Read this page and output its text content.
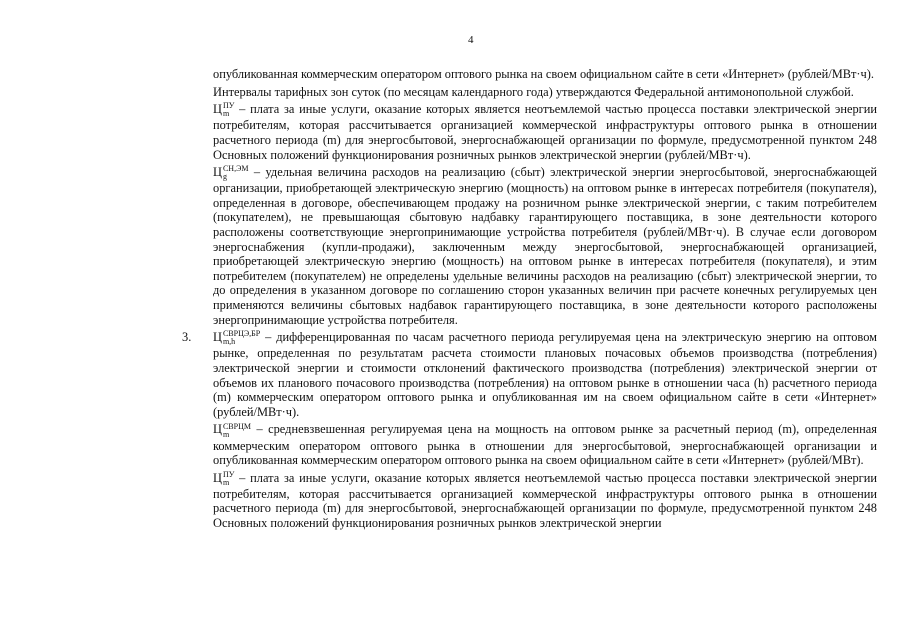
4

опубликованная коммерческим оператором оптового рынка на своем официальном сайте в сети «Интернет» (рублей/МВт·ч).

Интервалы тарифных зон суток (по месяцам календарного года) утверждаются Федеральной антимонопольной службой.

Ц ПУ
m – плата за иные услуги, оказание которых является неотъемлемой частью процесса поставки электрической энергии потребителям, которая рассчитывается организацией коммерческой инфраструктуры оптового рынка в отношении расчетного периода (m) для энергосбытовой, энергоснабжающей организации по формуле, предусмотренной пунктом 248 Основных положений функционирования розничных рынков электрической энергии (рублей/МВт·ч).

Ц СН,ЭМ
g	– удельная величина расходов на реализацию (сбыт) электрической энергии энергосбытовой, энергоснабжающей организации, приобретающей электрическую энергию (мощность) на оптовом рынке в интересах потребителя (покупателя), определенная в договоре, обеспечивающем продажу на розничном рынке электрической энергии, с таким потребителем (покупателем), не превышающая сбытовую надбавку гарантирующего поставщика, в зоне деятельности которого расположены соответствующие энергопринимающие устройства потребителя (рублей/МВт·ч). В случае если договором энергоснабжения (купли-продажи), заключенным между энергосбытовой, энергоснабжающей организацией, приобретающей электрическую энергию (мощность) на оптовом рынке в интересах потребителя (покупателя), и этим потребителем (покупателем) не определены удельные величины расходов на реализацию (сбыт) электрической энергии, то до определения в указанном договоре по соглашению сторон указанных величин при расчете конечных регулируемых цен применяются величины сбытовых надбавок гарантирующего поставщика, в зоне деятельности которого расположены энергопринимающие устройства потребителя.

3. Ц СВРЦЭ,БР
m,h	– дифференцированная по часам расчетного периода регулируемая цена на электрическую энергию на оптовом рынке, определенная по результатам расчета стоимости плановых почасовых объемов производства (потребления) электрической энергии и стоимости отклонений фактического производства (потребления) электрической энергии от объемов их планового почасового производства (потребления) на оптовом рынке в отношении часа (h) расчетного периода (m) коммерческим оператором оптового рынка и опубликованная им на своем официальном сайте в сети «Интернет» (рублей/МВт·ч).

Ц СВРЦМ
m	– средневзвешенная регулируемая цена на мощность на оптовом рынке за расчетный период (m), определенная коммерческим оператором оптового рынка в отношении для энергосбытовой, энергоснабжающей организации и опубликованная коммерческим оператором оптового рынка на своем официальном сайте в сети «Интернет» (рублей/МВт).

Ц ПУ
m – плата за иные услуги, оказание которых является неотъемлемой частью процесса поставки электрической энергии потребителям, которая рассчитывается организацией коммерческой инфраструктуры оптового рынка в отношении расчетного периода (m) для энергосбытовой, энергоснабжающей организации по формуле, предусмотренной пунктом 248 Основных положений функционирования розничных рынков электрической энергии
